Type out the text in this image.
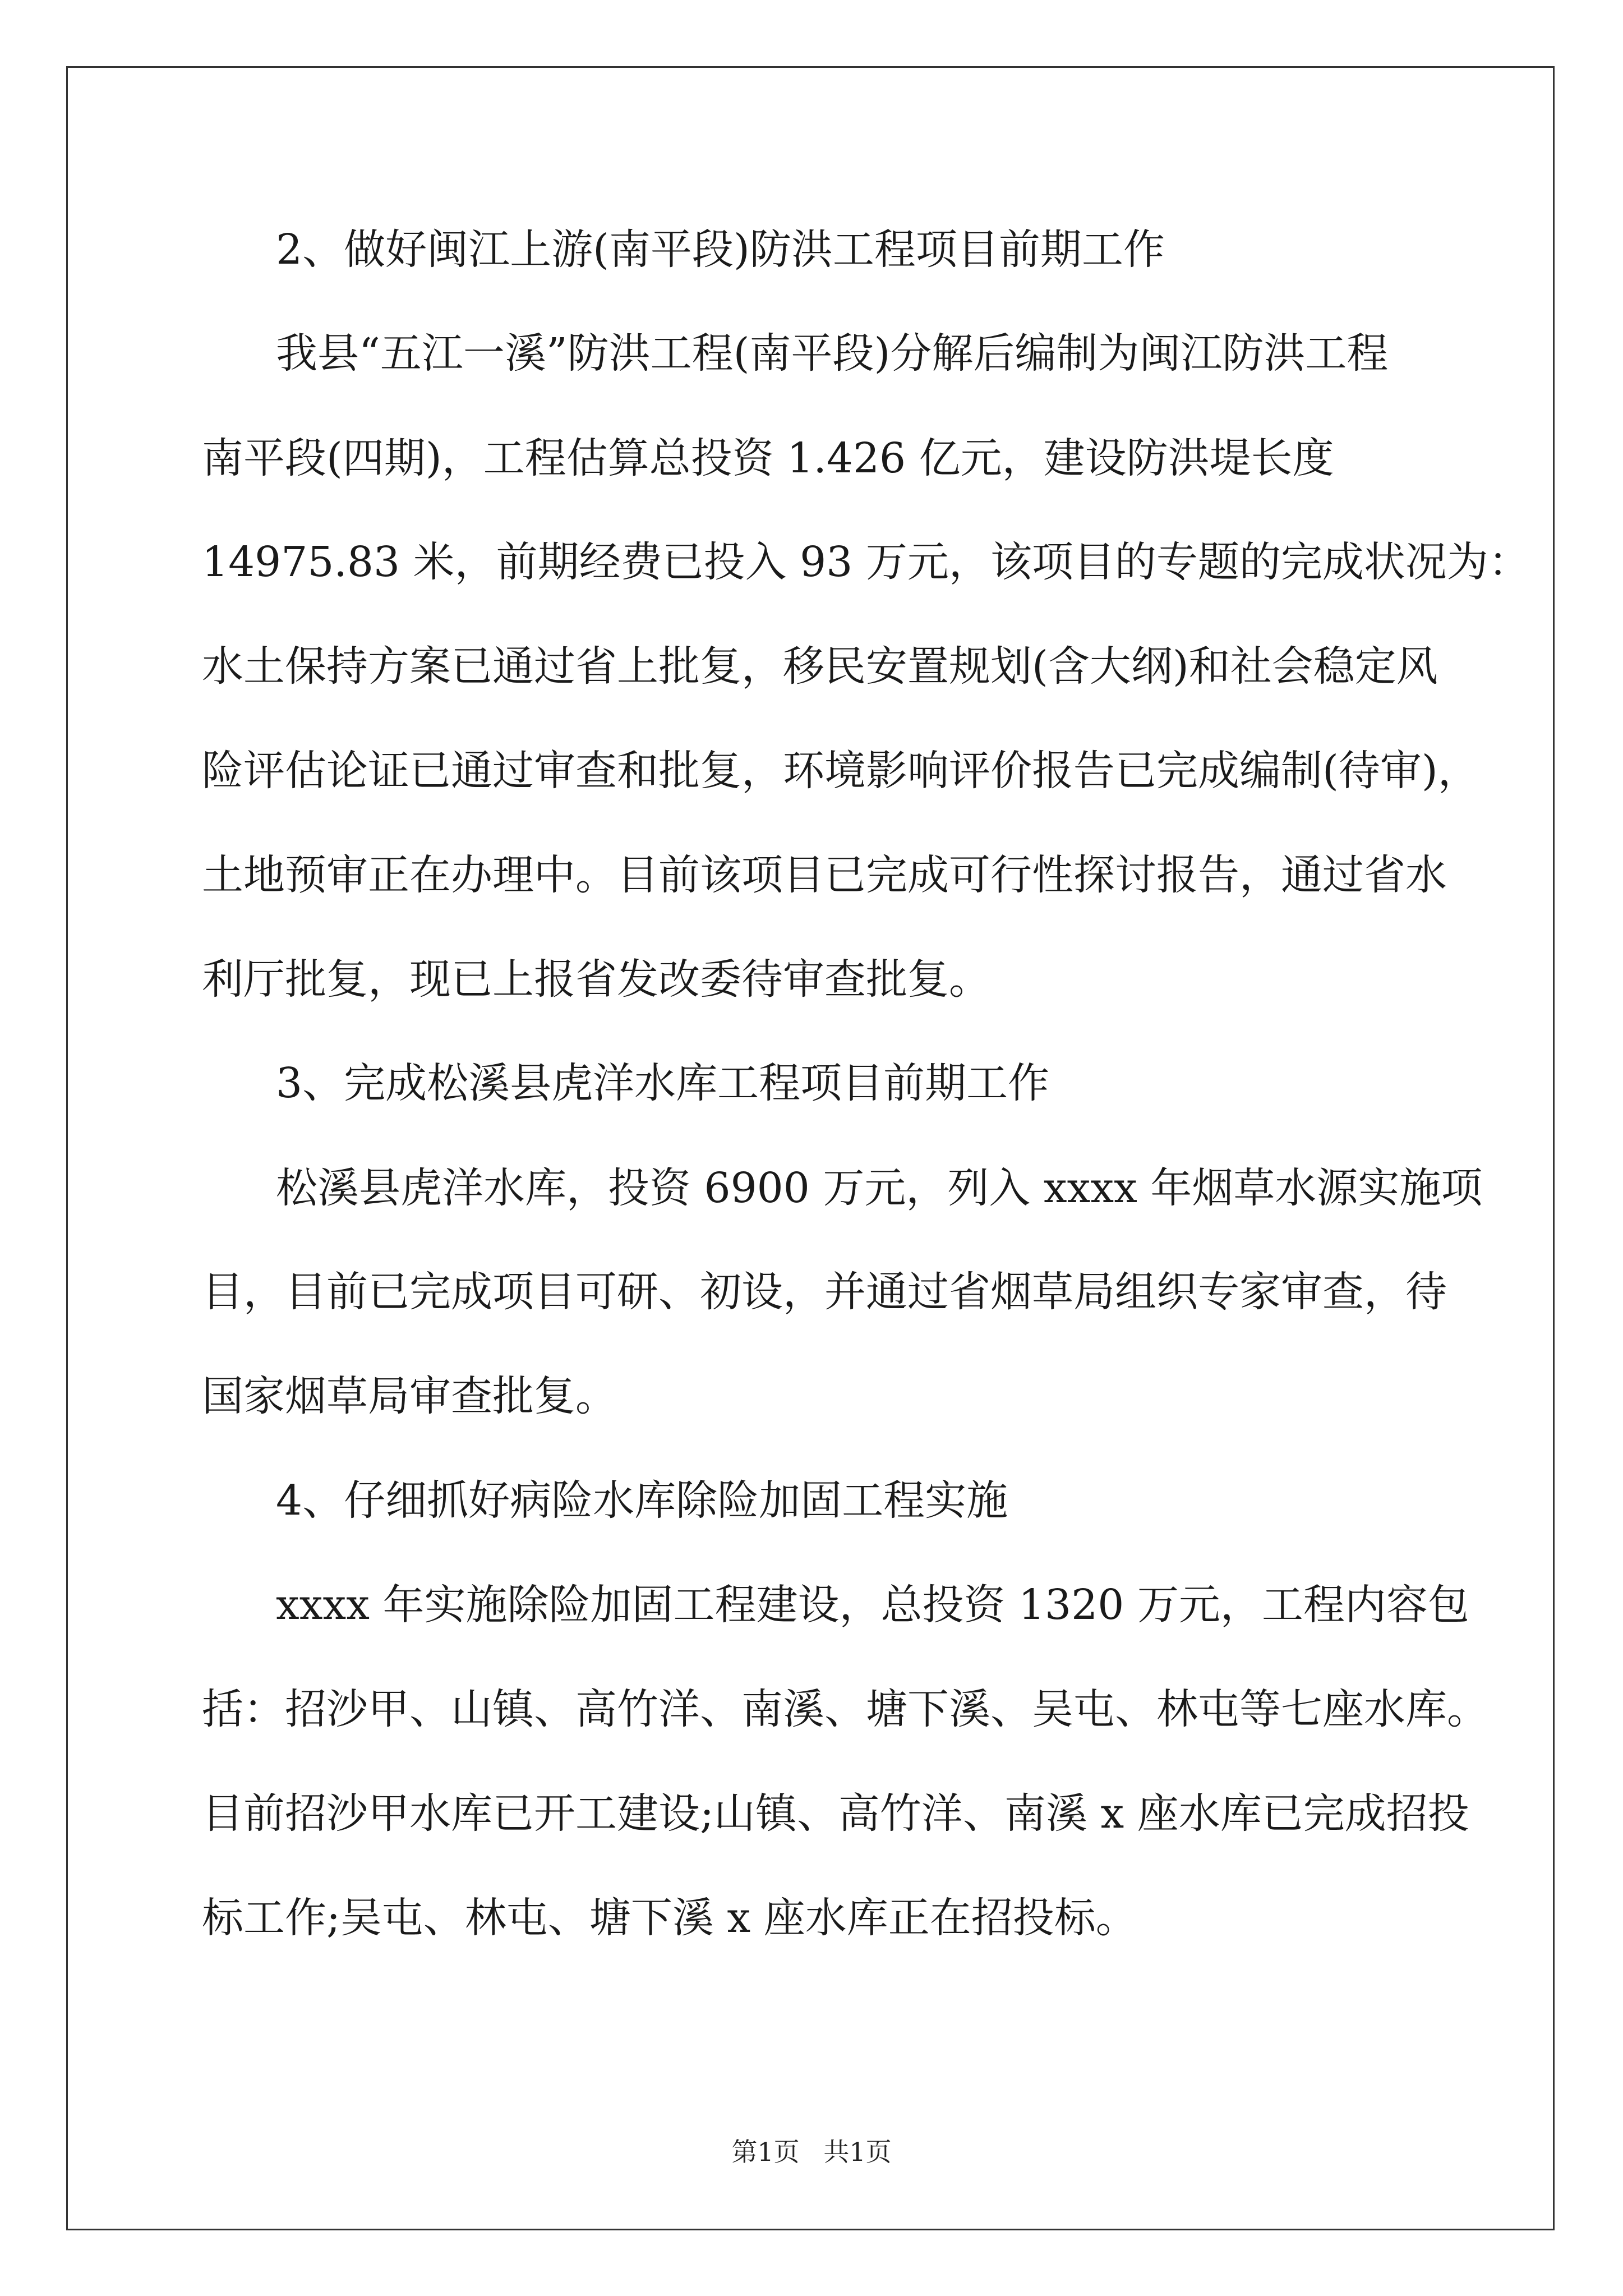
2、做好闽江上游(南平段)防洪工程项目前期工作
我县“五江一溪”防洪工程(南平段)分解后编制为闽江防洪工程
南平段(四期)，工程估算总投资 1.426 亿元，建设防洪堤长度
14975.83 米，前期经费已投入 93 万元，该项目的专题的完成状况为：
水土保持方案已通过省上批复，移民安置规划(含大纲)和社会稳定风
险评估论证已通过审查和批复，环境影响评价报告已完成编制(待审)，
土地预审正在办理中。目前该项目已完成可行性探讨报告，通过省水
利厅批复，现已上报省发改委待审查批复。
3、完成松溪县虎洋水库工程项目前期工作
松溪县虎洋水库，投资 6900 万元，列入 xxxx 年烟草水源实施项
目，目前已完成项目可研、初设，并通过省烟草局组织专家审查，待
国家烟草局审查批复。
4、仔细抓好病险水库除险加固工程实施
xxxx 年实施除险加固工程建设，总投资 1320 万元，工程内容包
括：招沙甲、山镇、高竹洋、南溪、塘下溪、吴屯、林屯等七座水库。
目前招沙甲水库已开工建设;山镇、高竹洋、南溪 x 座水库已完成招投
标工作;吴屯、林屯、塘下溪 x 座水库正在招投标。
第1页 共1页
